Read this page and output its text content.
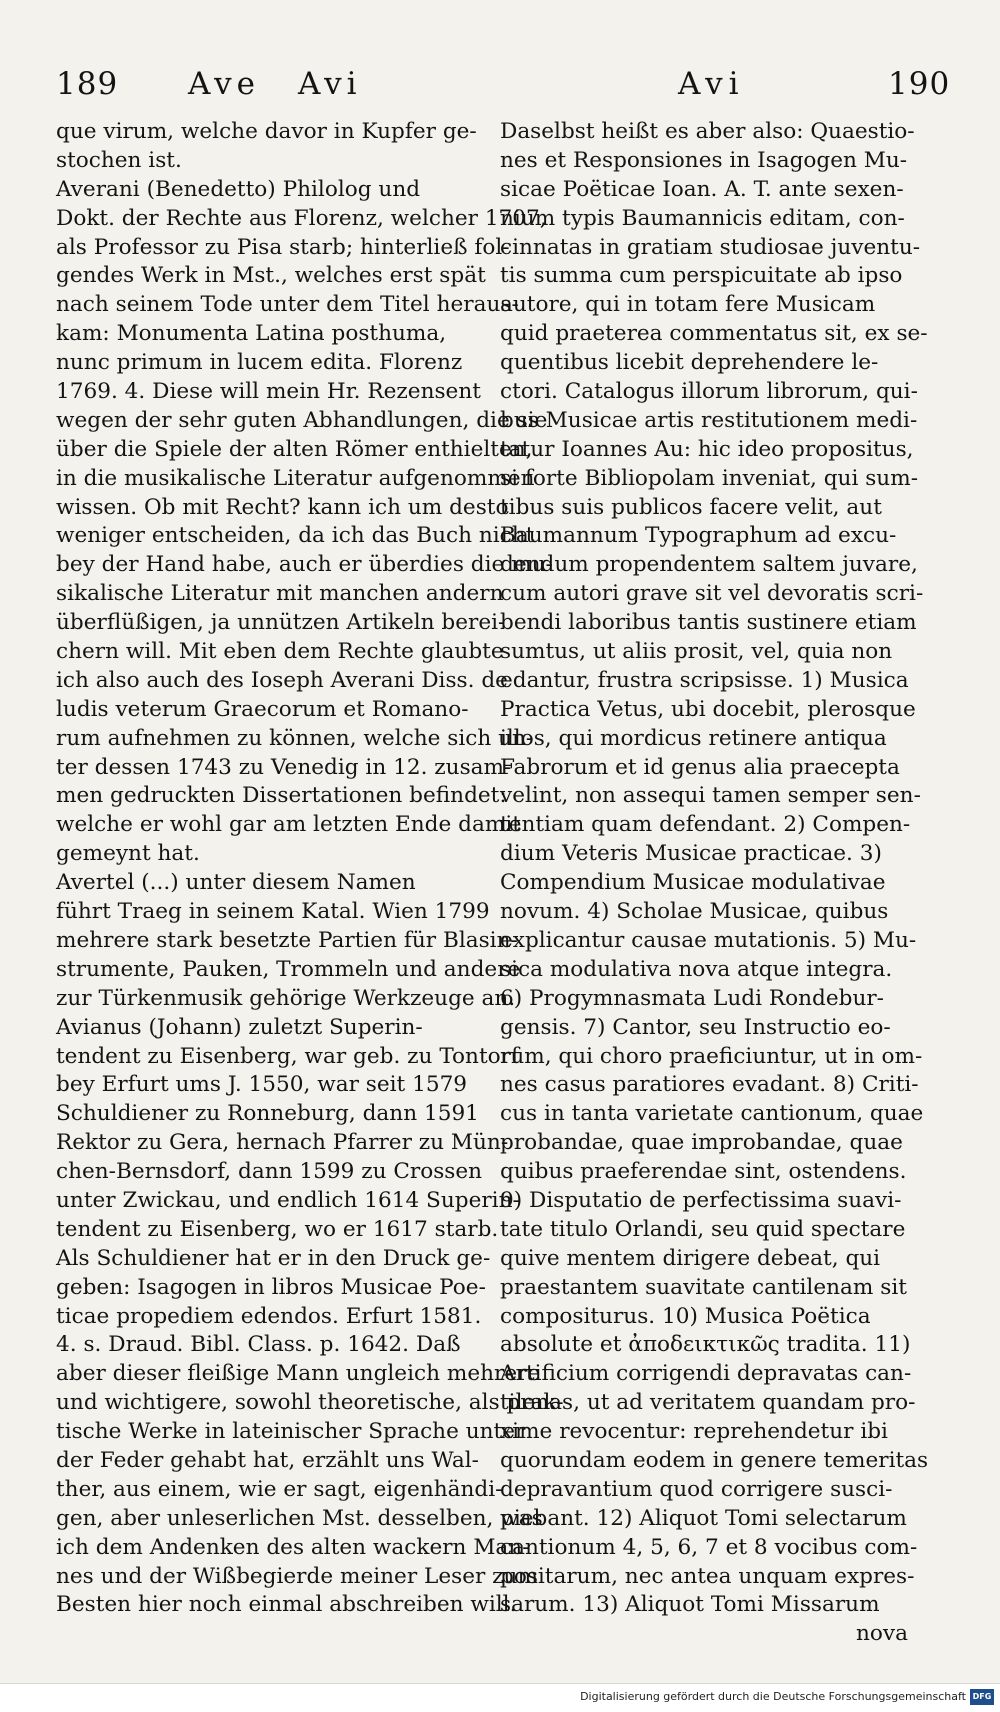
189 Ave Avi	Avi	190
que virum, welche davor in Kupfer ge-
stochen ist.
Averani (Benedetto) Philolog und
Dokt. der Rechte aus Florenz, welcher 1707,
als Professor zu Pisa starb; hinterließ fol-
gendes Werk in Mst., welches erst spät
nach seinem Tode unter dem Titel heraus-
kam: Monumenta Latina posthuma,
nunc primum in lucem edita. Florenz
1769. 4. Diese will mein Hr. Rezensent
wegen der sehr guten Abhandlungen, die sie
über die Spiele der alten Römer enthielten,
in die musikalische Literatur aufgenommen
wissen. Ob mit Recht? kann ich um desto
weniger entscheiden, da ich das Buch nicht
bey der Hand habe, auch er überdies die mu-
sikalische Literatur mit manchen andern
überflüßigen, ja unnützen Artikeln berei-
chern will. Mit eben dem Rechte glaubte
ich also auch des Ioseph Averani Diss. de
ludis veterum Graecorum et Romano-
rum aufnehmen zu können, welche sich un-
ter dessen 1743 zu Venedig in 12. zusam-
men gedruckten Dissertationen befindet:
welche er wohl gar am letzten Ende damit
gemeynt hat.
Avertel (...) unter diesem Namen
führt Traeg in seinem Katal. Wien 1799
mehrere stark besetzte Partien für Blasin-
strumente, Pauken, Trommeln und andere
zur Türkenmusik gehörige Werkzeuge an.
Avianus (Johann) zuletzt Superin-
tendent zu Eisenberg, war geb. zu Tontorf
bey Erfurt ums J. 1550, war seit 1579
Schuldiener zu Ronneburg, dann 1591
Rektor zu Gera, hernach Pfarrer zu Mün-
chen-Bernsdorf, dann 1599 zu Crossen
unter Zwickau, und endlich 1614 Superin-
tendent zu Eisenberg, wo er 1617 starb.
Als Schuldiener hat er in den Druck ge-
geben: Isagogen in libros Musicae Poe-
ticae propediem edendos. Erfurt 1581.
4. s. Draud. Bibl. Class. p. 1642. Daß
aber dieser fleißige Mann ungleich mehrere
und wichtigere, sowohl theoretische, als prak-
tische Werke in lateinischer Sprache unter
der Feder gehabt hat, erzählt uns Wal-
ther, aus einem, wie er sagt, eigenhändi-
gen, aber unleserlichen Mst. desselben, was
ich dem Andenken des alten wackern Man-
nes und der Wißbegierde meiner Leser zum
Besten hier noch einmal abschreiben will.
Daselbst heißt es aber also: Quaestio-
nes et Responsiones in Isagogen Mu-
sicae Poëticae Ioan. A. T. ante sexen-
nium typis Baumannicis editam, con-
cinnatas in gratiam studiosae juventu-
tis summa cum perspicuitate ab ipso
autore, qui in totam fere Musicam
quid praeterea commentatus sit, ex se-
quentibus licebit deprehendere le-
ctori. Catalogus illorum librorum, qui-
bus Musicae artis restitutionem medi-
tatur Ioannes Au: hic ideo propositus,
si forte Bibliopolam inveniat, qui sum-
tibus suis publicos facere velit, aut
Baumannum Typographum ad excu-
dendum propendentem saltem juvare,
cum autori grave sit vel devoratis scri-
bendi laboribus tantis sustinere etiam
sumtus, ut aliis prosit, vel, quia non
edantur, frustra scripsisse. 1) Musica
Practica Vetus, ubi docebit, plerosque
illos, qui mordicus retinere antiqua
Fabrorum et id genus alia praecepta
velint, non assequi tamen semper sen-
tentiam quam defendant. 2) Compen-
dium Veteris Musicae practicae. 3)
Compendium Musicae modulativae
novum. 4) Scholae Musicae, quibus
explicantur causae mutationis. 5) Mu-
sica modulativa nova atque integra.
6) Progymnasmata Ludi Rondebur-
gensis. 7) Cantor, seu Instructio eo-
rum, qui choro praeficiuntur, ut in om-
nes casus paratiores evadant. 8) Criti-
cus in tanta varietate cantionum, quae
probandae, quae improbandae, quae
quibus praeferendae sint, ostendens.
9) Disputatio de perfectissima suavi-
tate titulo Orlandi, seu quid spectare
quive mentem dirigere debeat, qui
praestantem suavitate cantilenam sit
compositurus. 10) Musica Poëtica
absolute et ἀποδεικτικῶς tradita. 11)
Artificium corrigendi depravatas can-
tilenas, ut ad veritatem quandam pro-
xime revocentur: reprehendetur ibi
quorundam eodem in genere temeritas
depravantium quod corrigere susci-
piebant. 12) Aliquot Tomi selectarum
cantionum 4, 5, 6, 7 et 8 vocibus com-
positarum, nec antea unquam expres-
sarum. 13) Aliquot Tomi Missarum
nova
Digitalisierung gefördert durch die Deutsche Forschungsgemeinschaft DFG
